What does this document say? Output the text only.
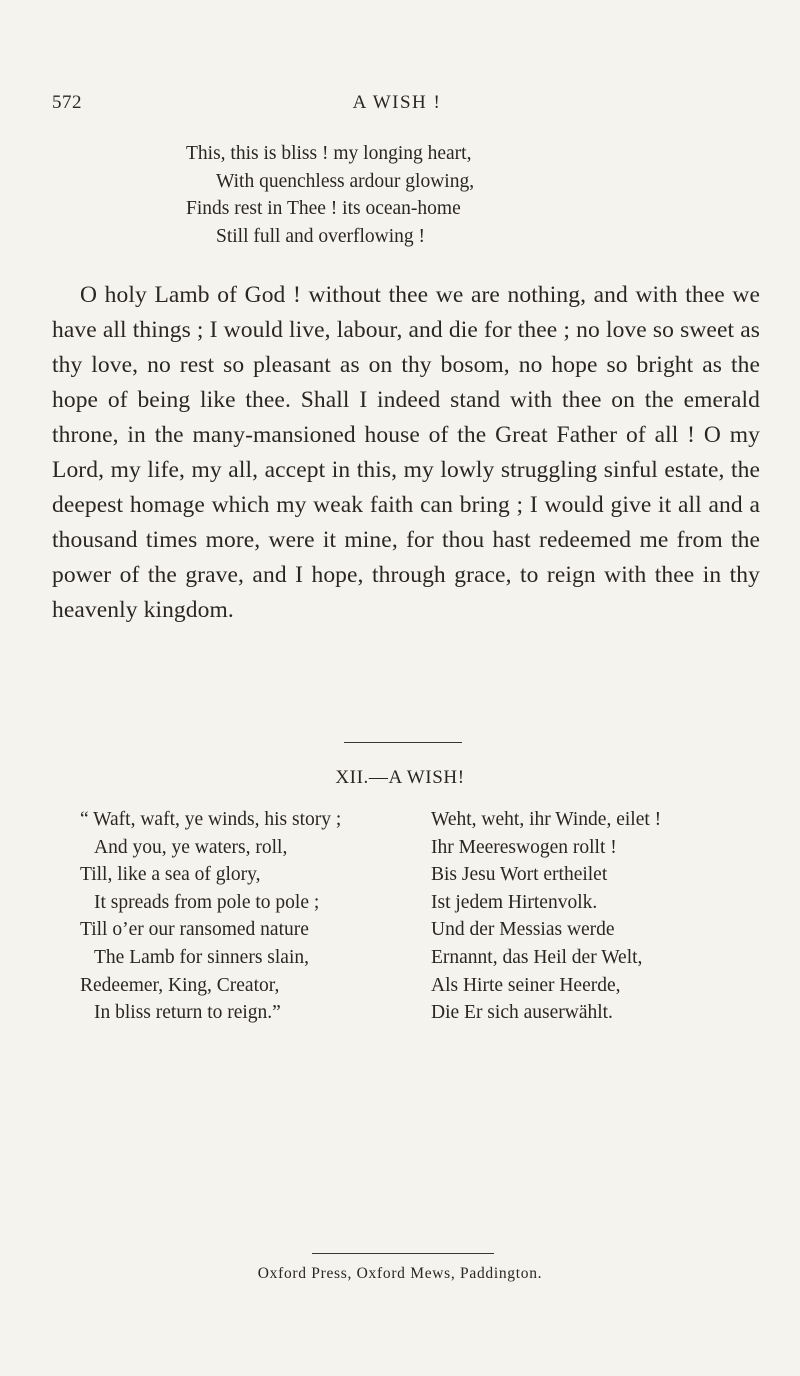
572	A WISH !
This, this is bliss ! my longing heart,
With quenchless ardour glowing,
Finds rest in Thee ! its ocean-home
Still full and overflowing !

O holy Lamb of God ! without thee we are nothing, and with thee we have all things ; I would live, labour, and die for thee ; no love so sweet as thy love, no rest so pleasant as on thy bosom, no hope so bright as the hope of being like thee. Shall I indeed stand with thee on the emerald throne, in the many-mansioned house of the Great Father of all ! O my Lord, my life, my all, accept in this, my lowly struggling sinful estate, the deepest homage which my weak faith can bring ; I would give it all and a thousand times more, were it mine, for thou hast redeemed me from the power of the grave, and I hope, through grace, to reign with thee in thy heavenly kingdom.

XII.—A WISH!
“ Waft, waft, ye winds, his story ;
And you, ye waters, roll,
Till, like a sea of glory,
It spreads from pole to pole ;
Till o’er our ransomed nature
The Lamb for sinners slain,
Redeemer, King, Creator,
In bliss return to reign.”
Weht, weht, ihr Winde, eilet !
Ihr Meereswogen rollt !
Bis Jesu Wort ertheilet
Ist jedem Hirtenvolk.
Und der Messias werde
Ernannt, das Heil der Welt,
Als Hirte seiner Heerde,
Die Er sich auserwählt.
Oxford Press, Oxford Mews, Paddington.
